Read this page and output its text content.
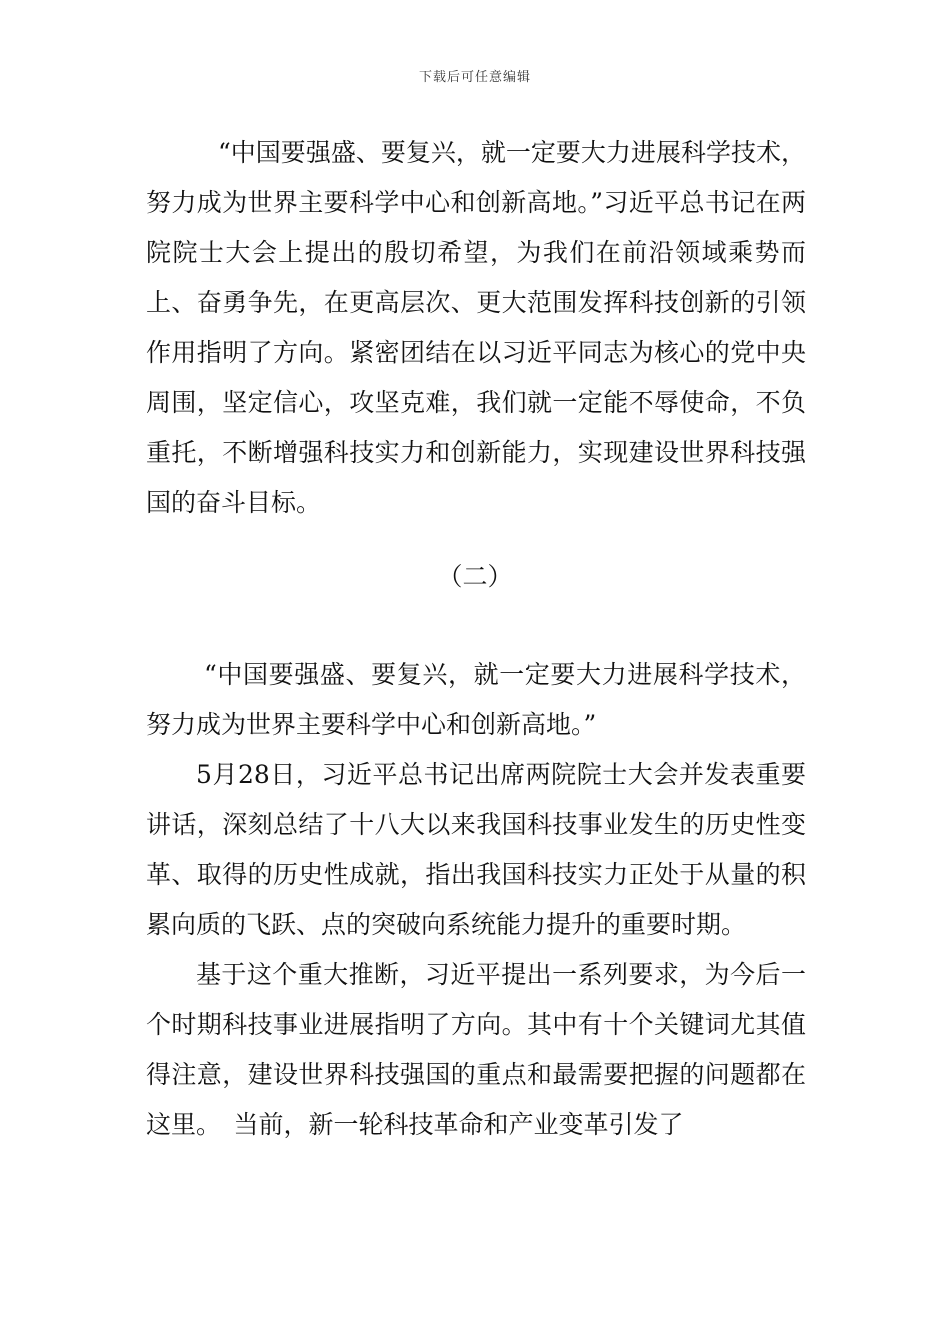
下载后可任意编辑

“中国要强盛、要复兴，就一定要大力进展科学技术，努力成为世界主要科学中心和创新高地。”习近平总书记在两院院士大会上提出的殷切希望，为我们在前沿领域乘势而上、奋勇争先，在更高层次、更大范围发挥科技创新的引领作用指明了方向。紧密团结在以习近平同志为核心的党中央周围，坚定信心，攻坚克难，我们就一定能不辱使命，不负重托，不断增强科技实力和创新能力，实现建设世界科技强国的奋斗目标。

（二）

“中国要强盛、要复兴，就一定要大力进展科学技术，努力成为世界主要科学中心和创新高地。”

5月28日，习近平总书记出席两院院士大会并发表重要讲话，深刻总结了十八大以来我国科技事业发生的历史性变革、取得的历史性成就，指出我国科技实力正处于从量的积累向质的飞跃、点的突破向系统能力提升的重要时期。

基于这个重大推断，习近平提出一系列要求，为今后一个时期科技事业进展指明了方向。其中有十个关键词尤其值得注意，建设世界科技强国的重点和最需要把握的问题都在这里。　当前，新一轮科技革命和产业变革引发了
